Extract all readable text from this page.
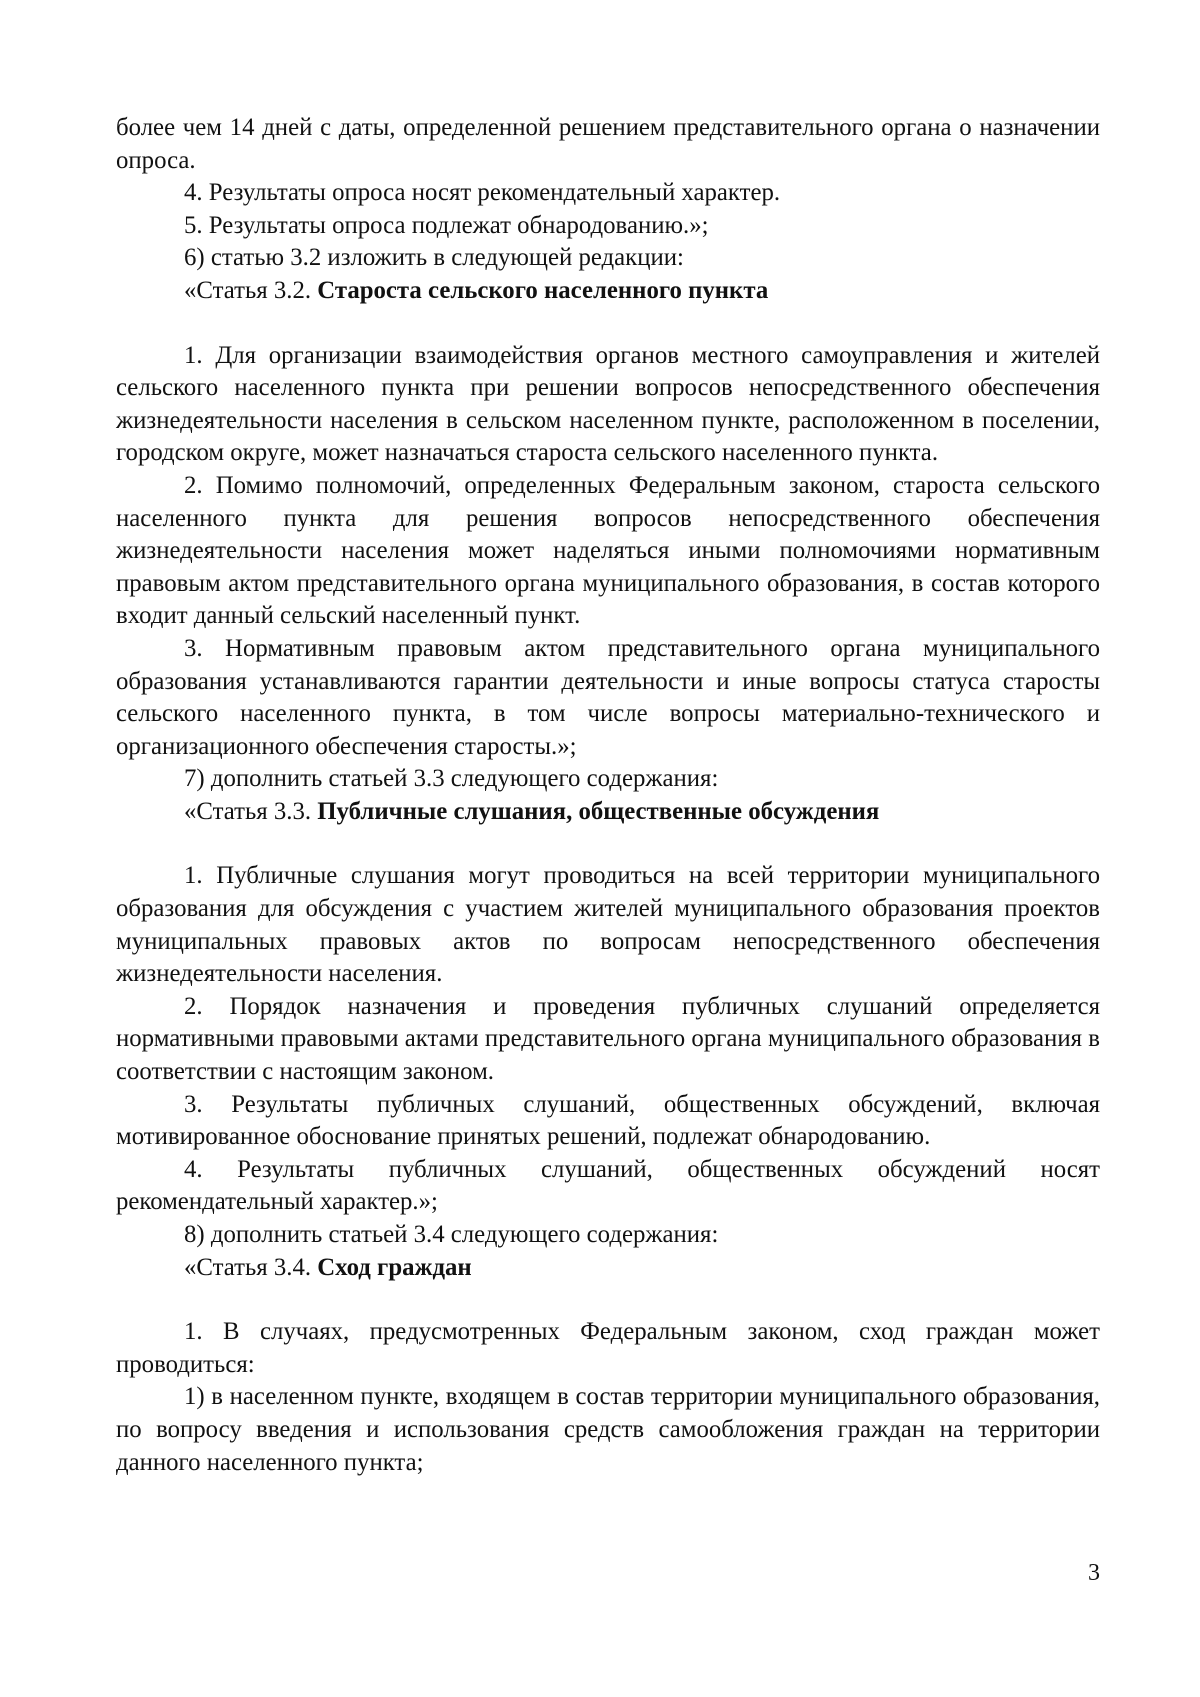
более чем 14 дней с даты, определенной решением представительного органа о назначении опроса.

4. Результаты опроса носят рекомендательный характер.

5. Результаты опроса подлежат обнародованию.»;

6) статью 3.2 изложить в следующей редакции:

«Статья 3.2. Староста сельского населенного пункта

1. Для организации взаимодействия органов местного самоуправления и жителей сельского населенного пункта при решении вопросов непосредственного обеспечения жизнедеятельности населения в сельском населенном пункте, расположенном в поселении, городском округе, может назначаться староста сельского населенного пункта.

2. Помимо полномочий, определенных Федеральным законом, староста сельского населенного пункта для решения вопросов непосредственного обеспечения жизнедеятельности населения может наделяться иными полномочиями нормативным правовым актом представительного органа муниципального образования, в состав которого входит данный сельский населенный пункт.

3. Нормативным правовым актом представительного органа муниципального образования устанавливаются гарантии деятельности и иные вопросы статуса старосты сельского населенного пункта, в том числе вопросы материально-технического и организационного обеспечения старосты.»;

7) дополнить статьей 3.3 следующего содержания:

«Статья 3.3. Публичные слушания, общественные обсуждения

1. Публичные слушания могут проводиться на всей территории муниципального образования для обсуждения с участием жителей муниципального образования проектов муниципальных правовых актов по вопросам непосредственного обеспечения жизнедеятельности населения.

2. Порядок назначения и проведения публичных слушаний определяется нормативными правовыми актами представительного органа муниципального образования в соответствии с настоящим законом.

3. Результаты публичных слушаний, общественных обсуждений, включая мотивированное обоснование принятых решений, подлежат обнародованию.

4. Результаты публичных слушаний, общественных обсуждений носят рекомендательный характер.»;

8) дополнить статьей 3.4 следующего содержания:

«Статья 3.4. Сход граждан

1. В случаях, предусмотренных Федеральным законом, сход граждан может проводиться:

1) в населенном пункте, входящем в состав территории муниципального образования, по вопросу введения и использования средств самообложения граждан на территории данного населенного пункта;

3
